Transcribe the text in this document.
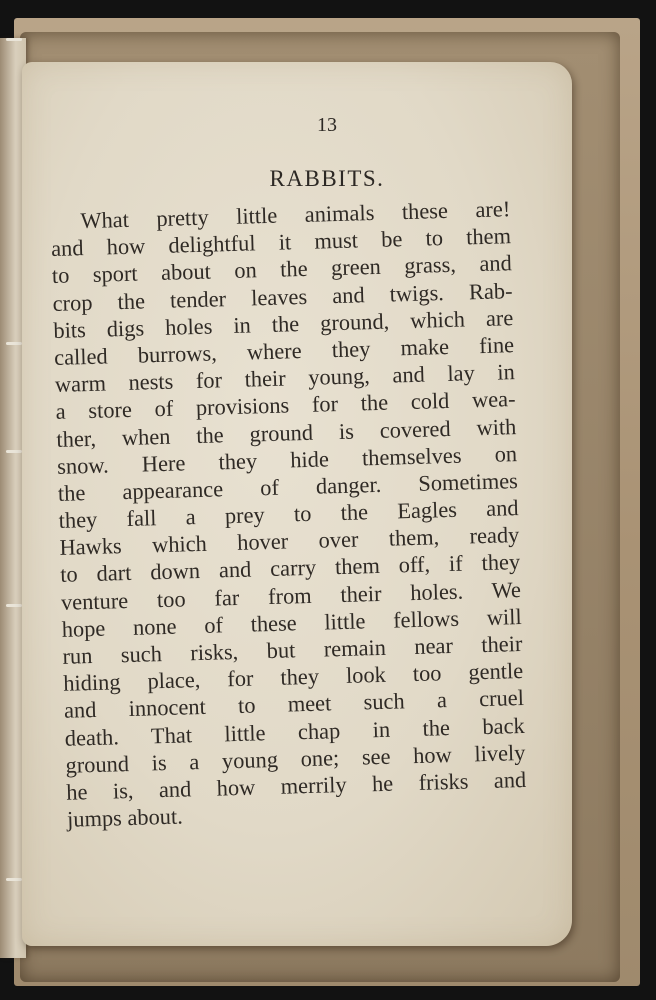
13
RABBITS.
What pretty little animals these are!
and how delightful it must be to them
to sport about on the green grass, and
crop the tender leaves and twigs. Rab-
bits digs holes in the ground, which are
called burrows, where they make fine
warm nests for their young, and lay in
a store of provisions for the cold wea-
ther, when the ground is covered with
snow. Here they hide themselves on
the appearance of danger. Sometimes
they fall a prey to the Eagles and
Hawks which hover over them, ready
to dart down and carry them off, if they
venture too far from their holes. We
hope none of these little fellows will
run such risks, but remain near their
hiding place, for they look too gentle
and innocent to meet such a cruel
death. That little chap in the back
ground is a young one; see how lively
he is, and how merrily he frisks and
jumps about.
